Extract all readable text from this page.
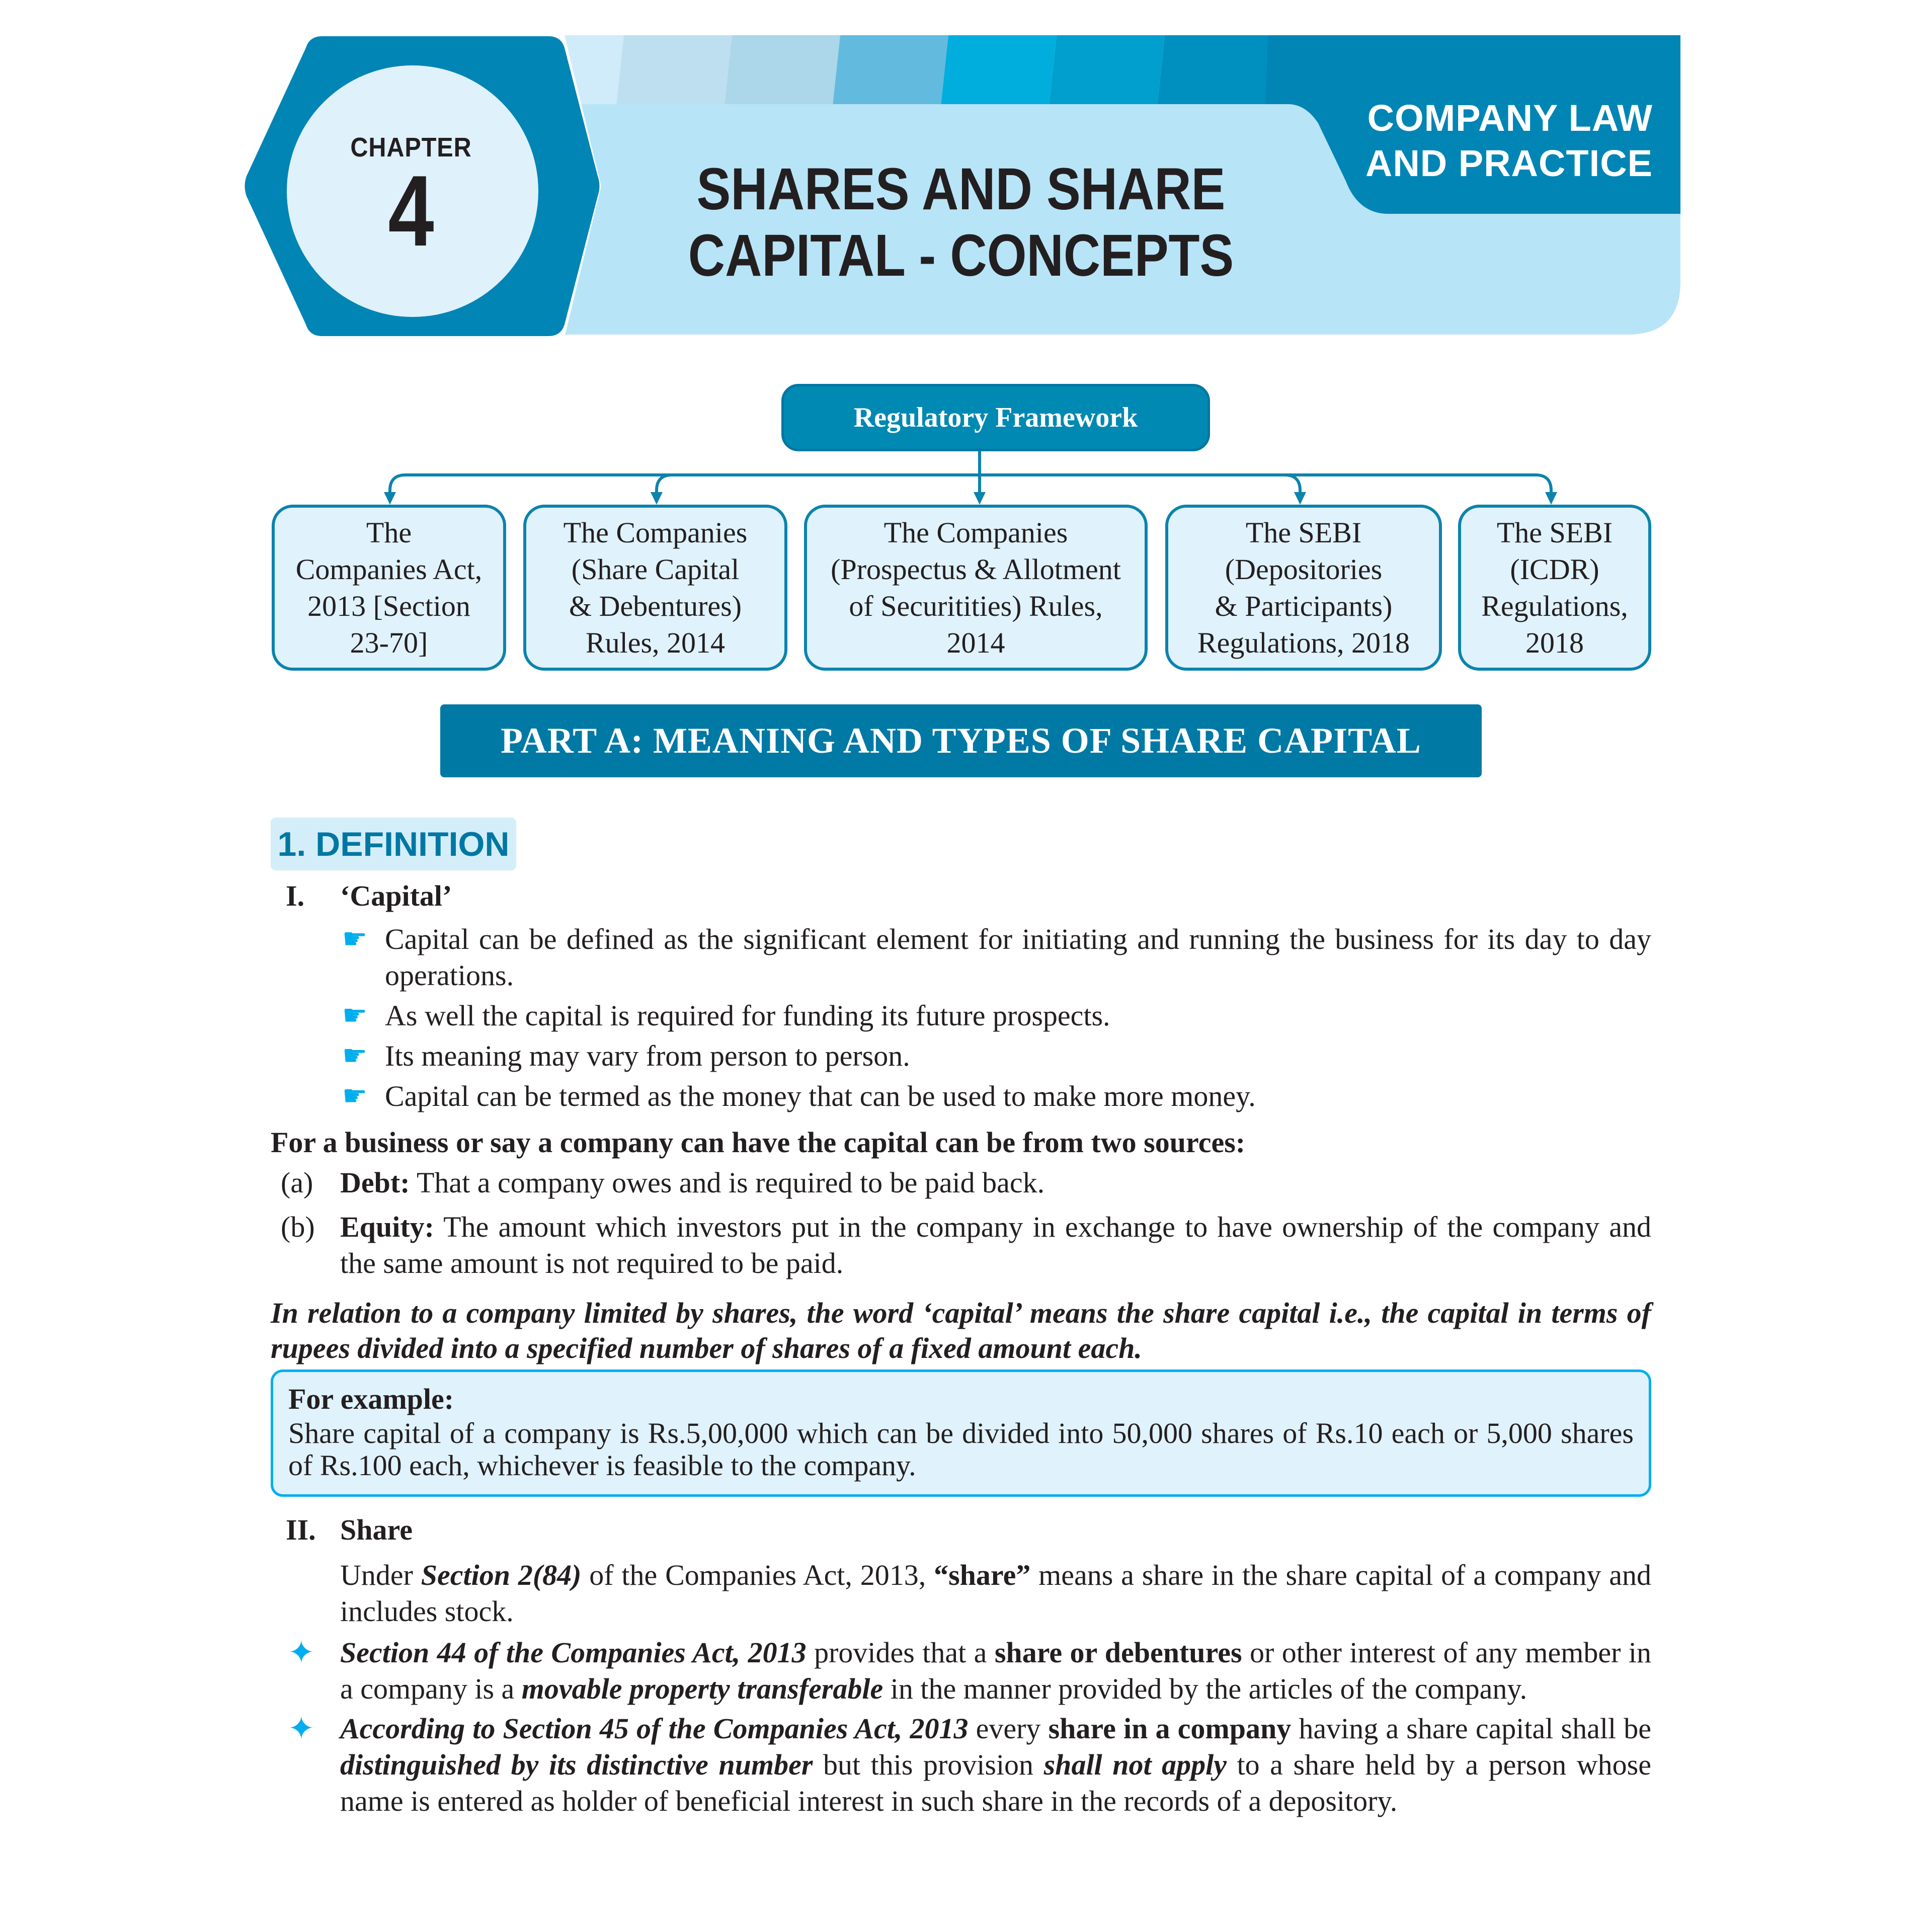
CHAPTER
4	SHARES AND SHARE
CAPITAL - CONCEPTS
COMPANY LAW
AND PRACTICE
Regulatory Framework
The
Companies Act,
2013 [Section
23-70]
The Companies
(Share Capital
& Debentures)
Rules, 2014
The Companies
(Prospectus & Allotment
of Securitities) Rules,
2014
The SEBI
(Depositories
& Participants)
Regulations, 2018
The SEBI
(ICDR)
Regulations,
2018
PART A: MEANING AND TYPES OF SHARE CAPITAL
1. DEFINITION
I. ‘Capital’
☛ Capital can be defined as the significant element for initiating and running the business for its day to day operations.
☛ As well the capital is required for funding its future prospects.
☛ Its meaning may vary from person to person.
☛ Capital can be termed as the money that can be used to make more money.
For a business or say a company can have the capital can be from two sources:
(a) Debt: That a company owes and is required to be paid back.
(b) Equity: The amount which investors put in the company in exchange to have ownership of the company and the same amount is not required to be paid.
In relation to a company limited by shares, the word ‘capital’ means the share capital i.e., the capital in terms of rupees divided into a specified number of shares of a fixed amount each.
For example:
Share capital of a company is Rs.5,00,000 which can be divided into 50,000 shares of Rs.10 each or 5,000 shares of Rs.100 each, whichever is feasible to the company.
II. Share
Under Section 2(84) of the Companies Act, 2013, “share” means a share in the share capital of a company and includes stock.
✦ Section 44 of the Companies Act, 2013 provides that a share or debentures or other interest of any member in a company is a movable property transferable in the manner provided by the articles of the company.
✦ According to Section 45 of the Companies Act, 2013 every share in a company having a share capital shall be distinguished by its distinctive number but this provision shall not apply to a share held by a person whose name is entered as holder of beneficial interest in such share in the records of a depository.
